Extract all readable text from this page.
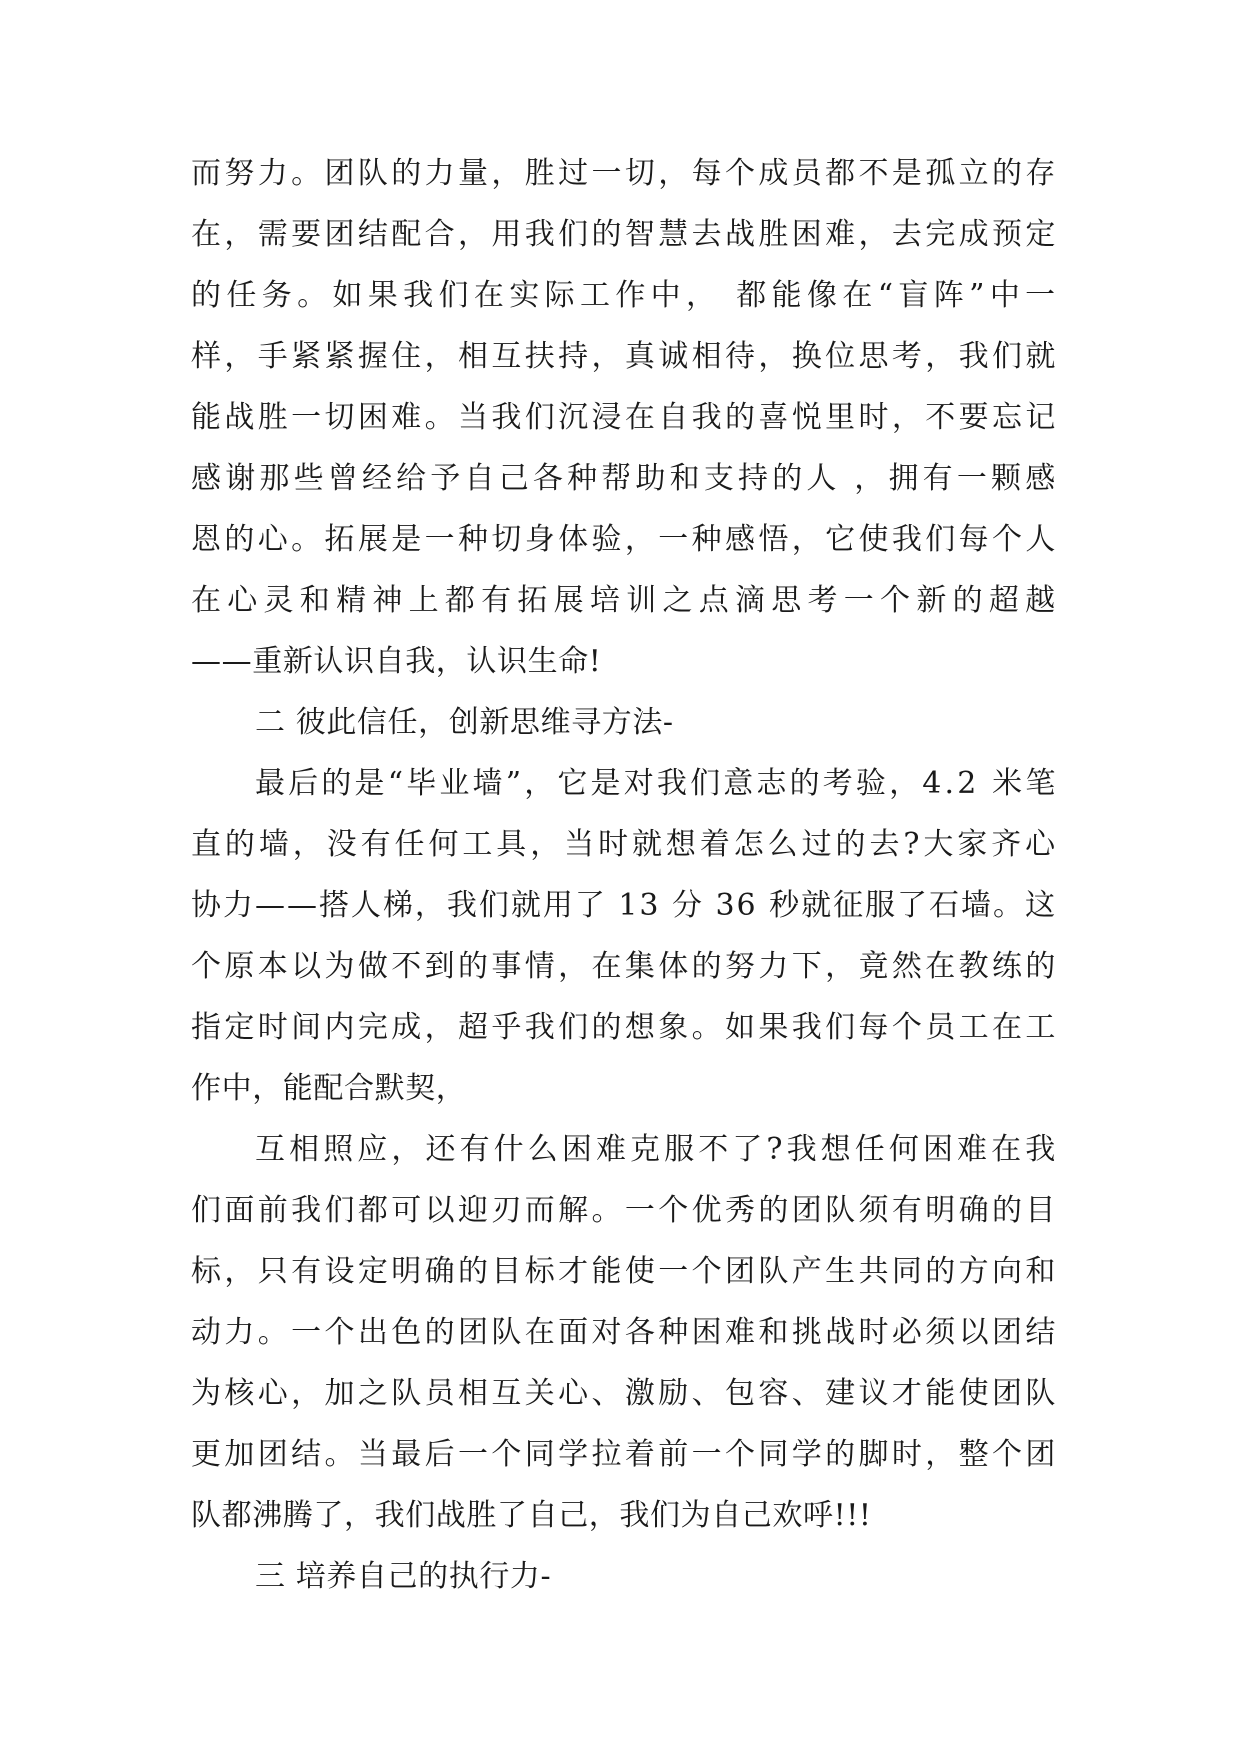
而 努 力 。 团 队 的 力 量 ， 胜 过 一 切 ， 每 个 成 员 都 不 是 孤 立 的 存
在 ， 需 要 团 结 配 合 ， 用 我 们 的 智 慧 去 战 胜 困 难 ， 去 完 成 预 定
的 任 务 。 如 果 我 们 在 实 际 工 作 中 ，
都 能 像 在 “ 盲 阵 ” 中 一
样 ， 手 紧 紧 握 住 ， 相 互 扶 持 ， 真 诚 相 待 ， 换 位 思 考 ， 我 们 就
能 战 胜 一 切 困 难 。 当 我 们 沉 浸 在 自 我 的 喜 悦 里 时 ， 不 要 忘 记
感 谢 那 些 曾 经 给 予 自 己 各 种 帮 助 和 支 持 的 人
， 拥 有 一 颗 感
恩 的 心 。 拓 展 是 一 种 切 身 体 验 ， 一 种 感 悟 ， 它 使 我 们 每 个 人
在 心 灵 和 精 神 上 都 有 拓 展 培 训 之 点 滴 思 考 一 个 新 的 超 越
——重新认识自我，认识生命!
二 彼此信任，创新思维寻方法-
最 后 的 是 “ 毕 业 墙 ” ， 它 是 对 我 们 意 志 的 考 验 ， 4 . 2
米 笔
直 的 墙 ， 没 有 任 何 工 具 ， 当 时 就 想 着 怎 么 过 的 去 ? 大 家 齐 心
协 力 — — 搭 人 梯 ， 我 们 就 用 了
1 3
分
3 6
秒 就 征 服 了 石 墙 。 这
个 原 本 以 为 做 不 到 的 事 情 ， 在 集 体 的 努 力 下 ， 竟 然 在 教 练 的
指 定 时 间 内 完 成 ， 超 乎 我 们 的 想 象 。 如 果 我 们 每 个 员 工 在 工
作中，能配合默契，
互 相 照 应 ， 还 有 什 么 困 难 克 服 不 了 ? 我 想 任 何 困 难 在 我
们 面 前 我 们 都 可 以 迎 刃 而 解 。 一 个 优 秀 的 团 队 须 有 明 确 的 目
标 ， 只 有 设 定 明 确 的 目 标 才 能 使 一 个 团 队 产 生 共 同 的 方 向 和
动 力 。 一 个 出 色 的 团 队 在 面 对 各 种 困 难 和 挑 战 时 必 须 以 团 结
为 核 心 ， 加 之 队 员 相 互 关 心 、 激 励 、 包 容 、 建 议 才 能 使 团 队
更 加 团 结 。 当 最 后 一 个 同 学 拉 着 前 一 个 同 学 的 脚 时 ， 整 个 团
队都沸腾了，我们战胜了自己，我们为自己欢呼!!!
三 培养自己的执行力-
